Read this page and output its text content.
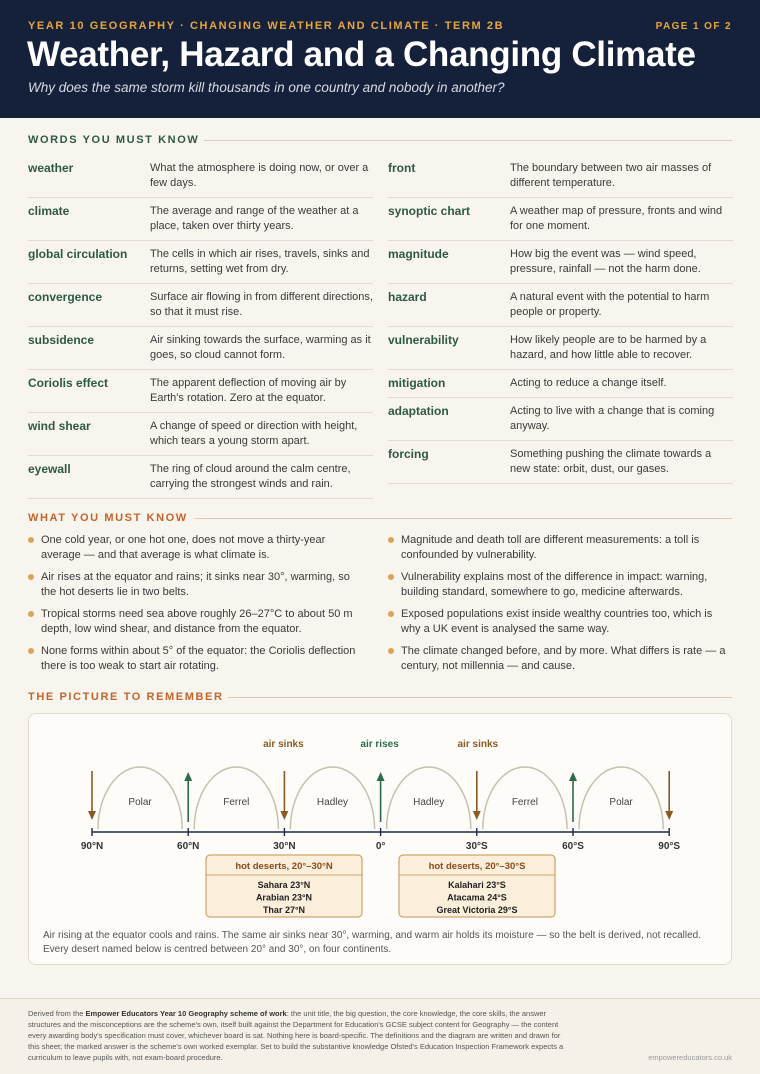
YEAR 10 GEOGRAPHY · CHANGING WEATHER AND CLIMATE · TERM 2B	PAGE 1 OF 2
Weather, Hazard and a Changing Climate
Why does the same storm kill thousands in one country and nobody in another?
WORDS YOU MUST KNOW
weather	What the atmosphere is doing now, or over a few days.
climate	The average and range of the weather at a place, taken over thirty years.
global circulation	The cells in which air rises, travels, sinks and returns, setting wet from dry.
convergence	Surface air flowing in from different directions, so that it must rise.
subsidence	Air sinking towards the surface, warming as it goes, so cloud cannot form.
Coriolis effect	The apparent deflection of moving air by Earth's rotation. Zero at the equator.
wind shear	A change of speed or direction with height, which tears a young storm apart.
eyewall	The ring of cloud around the calm centre, carrying the strongest winds and rain.
front	The boundary between two air masses of different temperature.
synoptic chart	A weather map of pressure, fronts and wind for one moment.
magnitude	How big the event was — wind speed, pressure, rainfall — not the harm done.
hazard	A natural event with the potential to harm people or property.
vulnerability	How likely people are to be harmed by a hazard, and how little able to recover.
mitigation	Acting to reduce a change itself.
adaptation	Acting to live with a change that is coming anyway.
forcing	Something pushing the climate towards a new state: orbit, dust, our gases.
WHAT YOU MUST KNOW
One cold year, or one hot one, does not move a thirty-year average — and that average is what climate is.
Air rises at the equator and rains; it sinks near 30°, warming, so the hot deserts lie in two belts.
Tropical storms need sea above roughly 26–27°C to about 50 m depth, low wind shear, and distance from the equator.
None forms within about 5° of the equator: the Coriolis deflection there is too weak to start air rotating.
Magnitude and death toll are different measurements: a toll is confounded by vulnerability.
Vulnerability explains most of the difference in impact: warning, building standard, somewhere to go, medicine afterwards.
Exposed populations exist inside wealthy countries too, which is why a UK event is analysed the same way.
The climate changed before, and by more. What differs is rate — a century, not millennia — and cause.
THE PICTURE TO REMEMBER
Polar	Ferrel	Hadley	Hadley	Ferrel	Polar
air sinks	air rises	air sinks
90°N	60°N	30°N	0°	30°S	60°S	90°S
hot deserts, 20°–30°N
Sahara 23°N
Arabian 23°N
Thar 27°N
hot deserts, 20°–30°S
Kalahari 23°S
Atacama 24°S
Great Victoria 29°S
Air rising at the equator cools and rains. The same air sinks near 30°, warming, and warm air holds its moisture — so the belt is derived, not recalled. Every desert named below is centred between 20° and 30°, on four continents.
Derived from the Empower Educators Year 10 Geography scheme of work: the unit title, the big question, the core knowledge, the core skills, the answer structures and the misconceptions are the scheme's own, itself built against the Department for Education's GCSE subject content for Geography — the content every awarding body's specification must cover, whichever board is sat. Nothing here is board-specific. The definitions and the diagram are written and drawn for this sheet; the marked answer is the scheme's own worked exemplar. Set to build the substantive knowledge Ofsted's Education Inspection Framework expects a curriculum to leave pupils with, not exam-board procedure.	empowereducators.co.uk
